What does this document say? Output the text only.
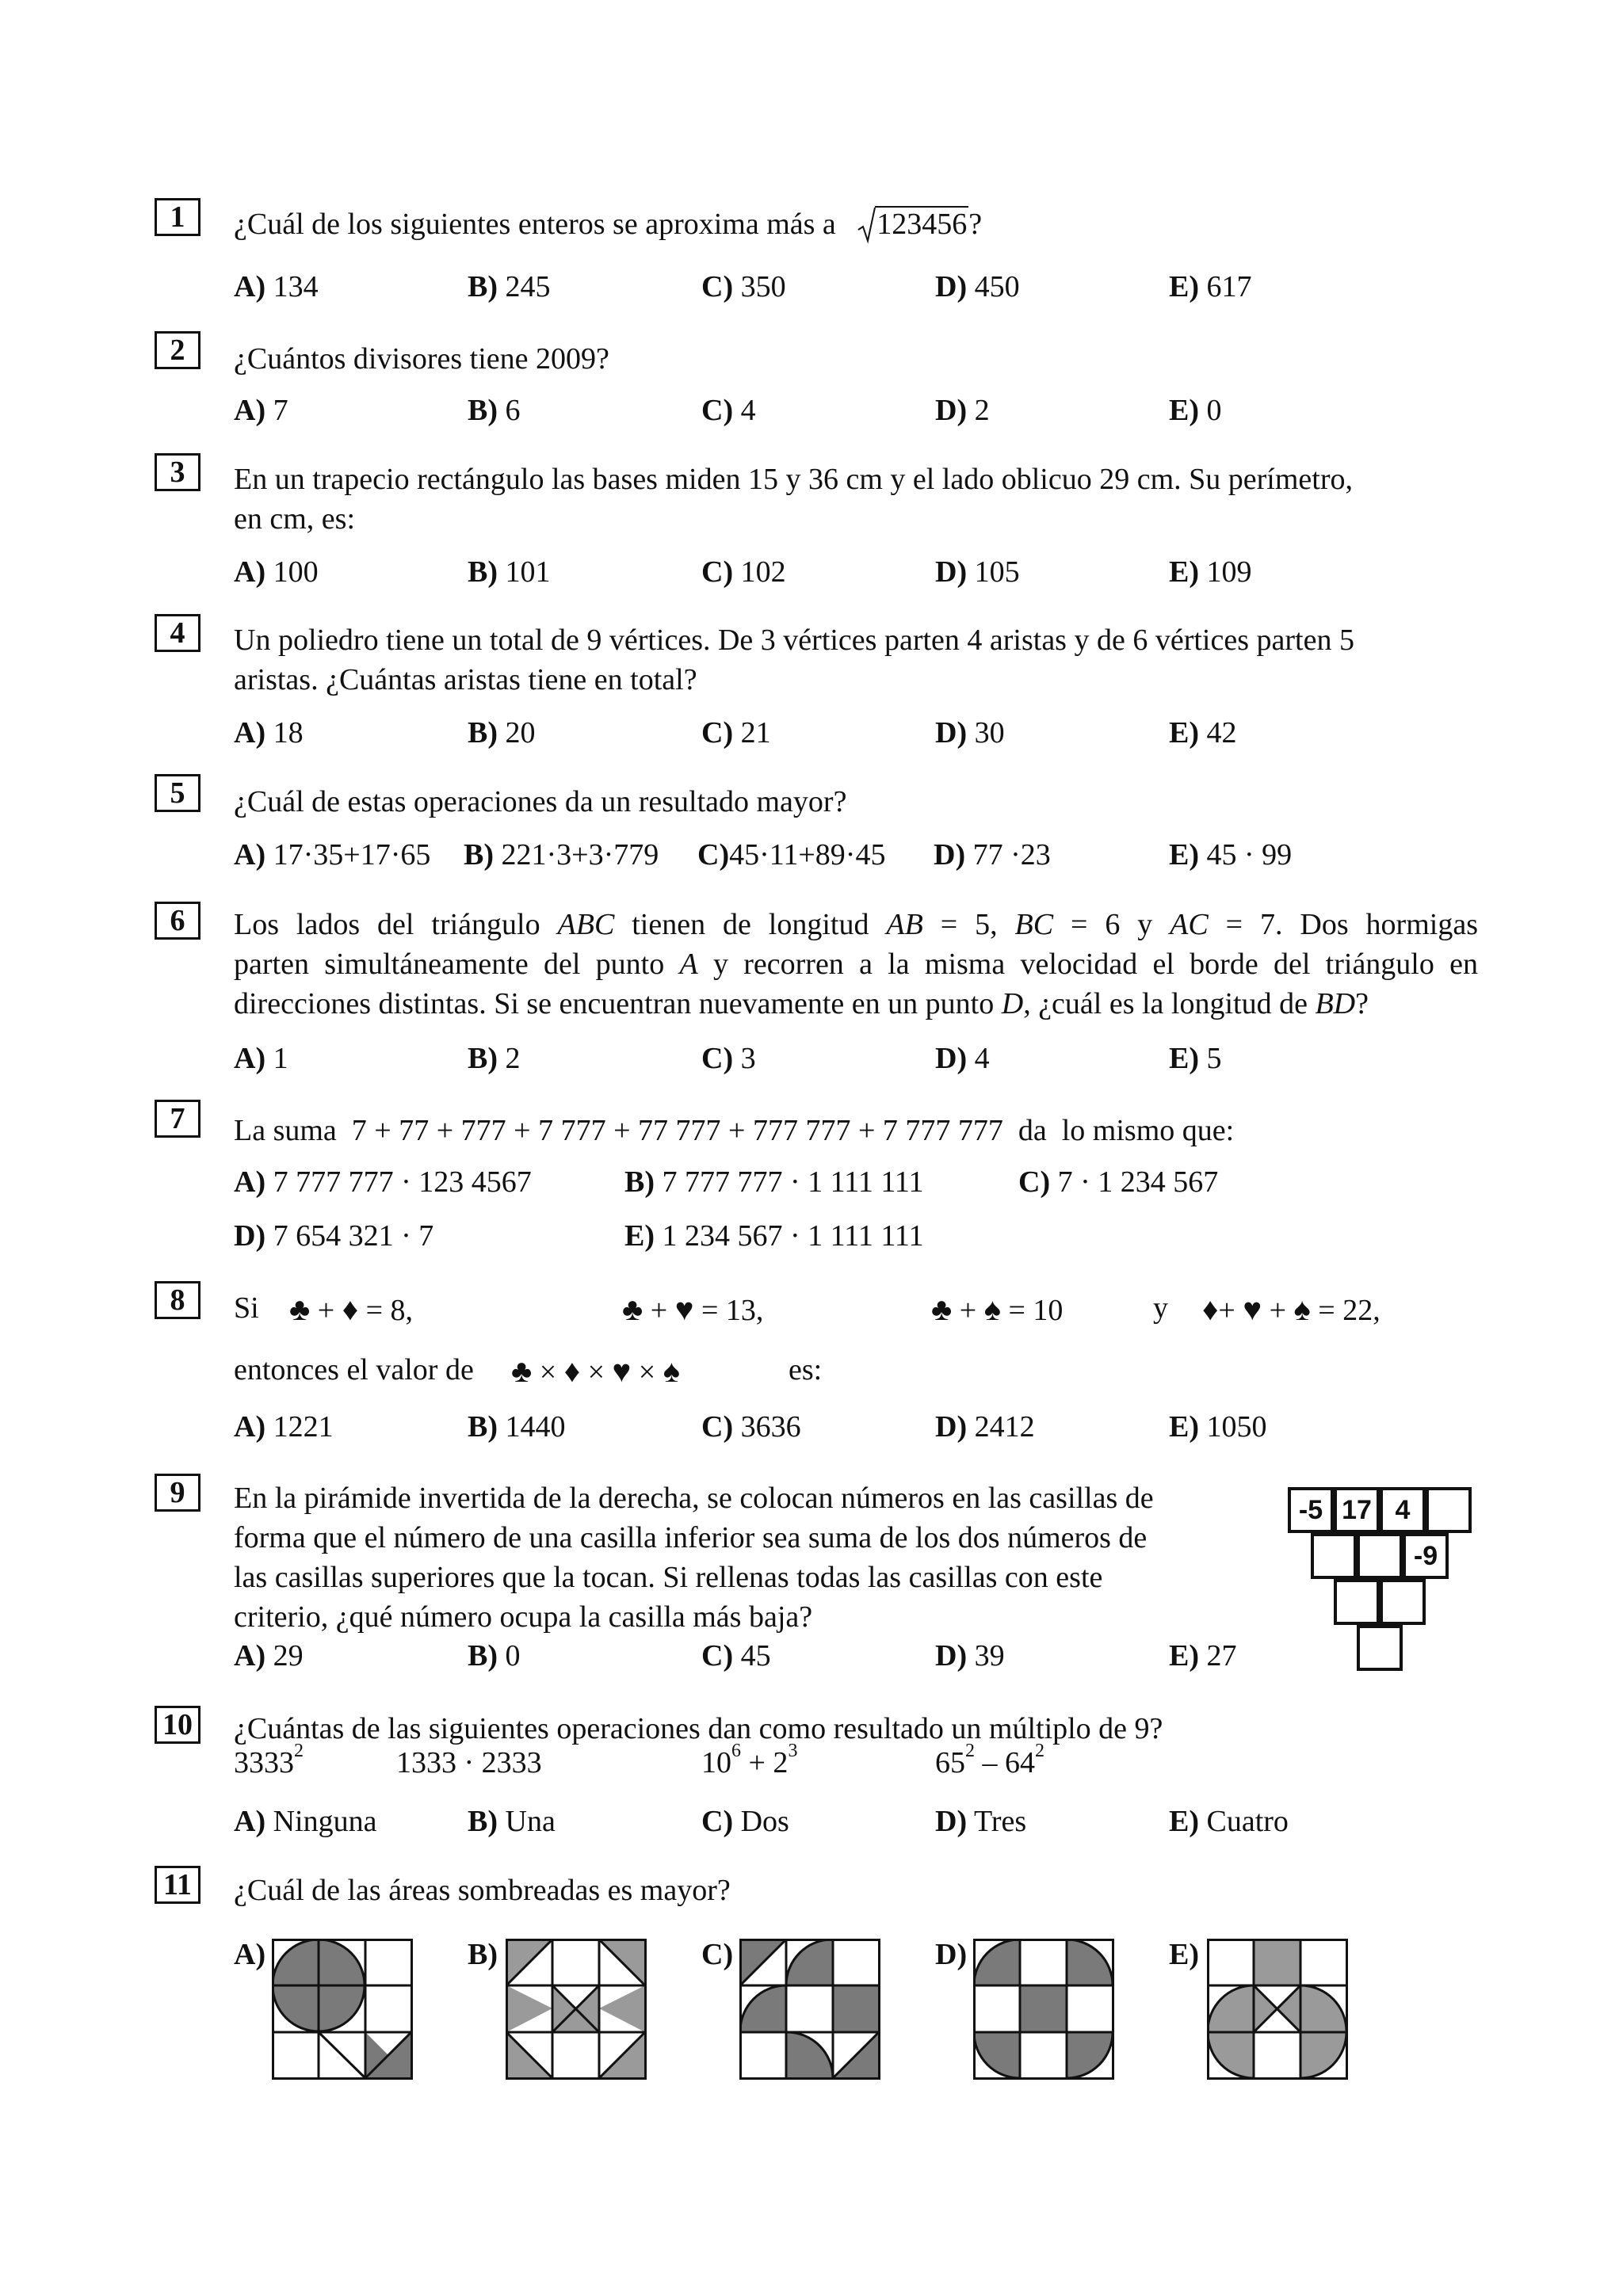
1	¿Cuál de los siguientes enteros se aproxima más a 123456?
A) 134	B) 245	C) 350	D) 450	E) 617
2	¿Cuántos divisores tiene 2009?
A) 7	B) 6	C) 4	D) 2	E) 0
3	En un trapecio rectángulo las bases miden 15 y 36 cm y el lado oblicuo 29 cm. Su perímetro,
en cm, es:
A) 100	B) 101	C) 102	D) 105	E) 109
4	Un poliedro tiene un total de 9 vértices. De 3 vértices parten 4 aristas y de 6 vértices parten 5
aristas. ¿Cuántas aristas tiene en total?
A) 18	B) 20	C) 21	D) 30	E) 42
5	¿Cuál de estas operaciones da un resultado mayor?
A) 17·35+17·65 B) 221·3+3·779 C)45·11+89·45 D) 77 ·23	E) 45 · 99
6	Los lados del triángulo ABC tienen de longitud AB = 5, BC = 6 y AC = 7. Dos hormigas
parten simultáneamente del punto A y recorren a la misma velocidad el borde del triángulo en
direcciones distintas. Si se encuentran nuevamente en un punto D, ¿cuál es la longitud de BD?
A) 1	B) 2	C) 3	D) 4	E) 5
7	La suma  7 + 77 + 777 + 7 777 + 77 777 + 777 777 + 7 777 777  da  lo mismo que:
A) 7 777 777 · 123 4567	B) 7 777 777 · 1 111 111	C) 7 · 1 234 567
D) 7 654 321 · 7	E) 1 234 567 · 1 111 111
8	Si ♣ + ♦ = 8,	♣ + ♥ = 13,	♣ + ♠ = 10	y ♦+ ♥ + ♠ = 22,
entonces el valor de ♣ × ♦ × ♥ × ♠	es:
A) 1221	B) 1440	C) 3636	D) 2412	E) 1050
9	En la pirámide invertida de la derecha, se colocan números en las casillas de
forma que el número de una casilla inferior sea suma de los dos números de
las casillas superiores que la tocan. Si rellenas todas las casillas con este
criterio, ¿qué número ocupa la casilla más baja?
-5 17 4
-9
A) 29	B) 0	C) 45	D) 39	E) 27
10 ¿Cuántas de las siguientes operaciones dan como resultado un múltiplo de 9?
3333$^2$	1333 · 2333	$10^6 + 2^3$	$65^2 - 64^2$
A) Ninguna	B) Una	C) Dos	D) Tres	E) Cuatro
11 ¿Cuál de las áreas sombreadas es mayor?
A)	B)	C)	D)	E)
